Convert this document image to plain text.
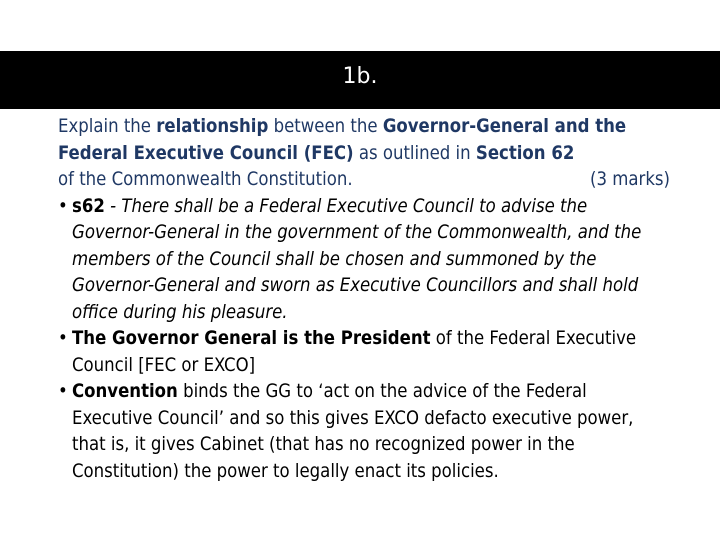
1b.
Explain the relationship between the Governor-General and the Federal Executive Council (FEC) as outlined in Section 62
of the Commonwealth Constitution.	(3 marks)
• s62 - There shall be a Federal Executive Council to advise the Governor-General in the government of the Commonwealth, and the members of the Council shall be chosen and summoned by the Governor-General and sworn as Executive Councillors and shall hold office during his pleasure.
• The Governor General is the President of the Federal Executive Council [FEC or EXCO]
• Convention binds the GG to ‘act on the advice of the Federal Executive Council’ and so this gives EXCO defacto executive power, that is, it gives Cabinet (that has no recognized power in the Constitution) the power to legally enact its policies.
